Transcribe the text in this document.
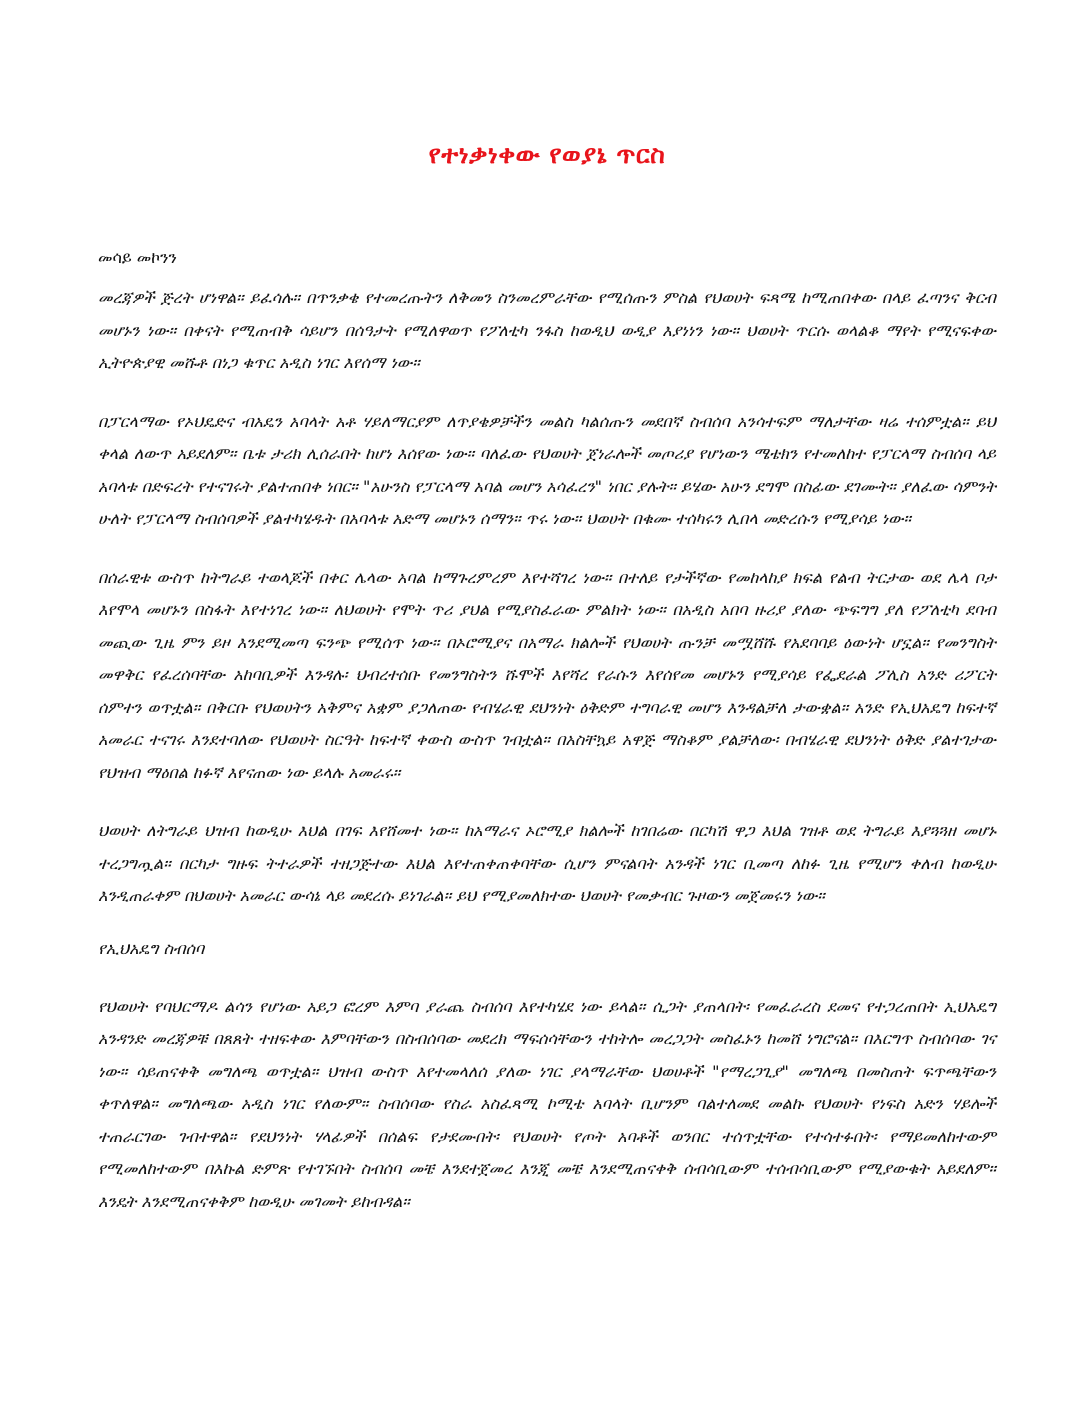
የተነቃነቀው የወያኔ ጥርስ

መሳይ መኮንን

መረጃዎች ጅረት ሆነዋል። ይፈሳሉ። በጥንቃቄ የተመረጡትን ለቅመን ስንመረምራቸው የሚሰጡን ምስል የህወሀት ፍጻሜ ከሚጠበቀው በላይ ፈጣንና ቅርብ መሆኑን ነው። በቀናት የሚጠብቅ ሳይሆን በሰዓታት የሚለዋወጥ የፖለቲካ ንፋስ ከወዲህ ወዲያ እያነነን ነው። ህወሀት ጥርሱ ወላልቆ ማየት የሚናፍቀው ኢትዮጵያዊ መሹቶ በነጋ ቁጥር አዲስ ነገር እየሰማ ነው።

በፓርላማው የኦህዴድና ብአዴን አባላት አቶ ሃይለማርያም ለጥያቄዎቻችን መልስ ካልሰጡን መደበኛ ስብሰባ አንሳተፍም ማለታቸው ዛሬ ተሰምቷል። ይህ ቀላል ለውጥ አይደለም። ቤቱ ታሪክ ሊሰራበት ከሆነ እሰየው ነው። ባለፈው የህወሀት ጀነራሎች መጦሪያ የሆነውን ሜቴክን የተመለከተ የፓርላማ ስብሰባ ላይ አባላቱ በድፍረት የተናገሩት ያልተጠበቀ ነበር። "አሁንስ የፓርላማ አባል መሆን አሳፈረን" ነበር ያሉት። ይሄው አሁን ደግሞ በስፊው ደገሙት። ያለፈው ሳምንት ሁለት የፓርላማ ስብሰባዎች ያልተካሄዱት በአባላቱ አድማ መሆኑን ሰማን። ጥሩ ነው። ህወሀት በቁሙ ተሰካሩን ሊበላ መድረሱን የሚያሳይ ነው።

በሰራዊቱ ውስጥ ከትግራይ ተወላጆች በቀር ሌላው አባል ከማጉረምረም እየተሻገረ ነው። በተለይ የታችኛው የመከላከያ ክፍል የልብ ትርታው ወደ ሌላ ቦታ እየሞላ መሆኑን በስፋት እየተነገረ ነው። ለህወሀት የሞት ጥሪ ያህል የሚያስፈራው ምልክት ነው። በአዲስ አበባ ዙሪያ ያለው ጭፍግግ ያለ የፖለቲካ ደባብ መጪው ጊዜ ምን ይዞ እንደሚመጣ ፍንጭ የሚሰጥ ነው። በኦሮሚያና በአማራ ክልሎች የህወሀት ጡንቻ መሟሸሹ የአደባባይ ዕውነት ሆኗል። የመንግስት መዋቅር የፈረሰባቸው አከባቢዎች እንዳሉ፡ ህብረተሰቡ የመንግስትን ሹሞች እየሻረ የራሱን እየሰየመ መሆኑን የሚያሳይ የፌደራል ፖሊስ አንድ ሪፖርት ሰምተን ወጥቷል። በቅርቡ የህወሀትን አቅምና አቋም ያጋለጠው የብሄራዊ ደህንነት ዕቅድም ተግባራዊ መሆን እንዳልቻለ ታውቋል። አንድ የኢህአዴግ ከፍተኛ አመራር ተናገሩ እንደተባለው የህወሀት ስርዓት ከፍተኛ ቀውስ ውስጥ ገብቷል። በአስቸኳይ አዋጅ ማስቆም ያልቻለው፡ በብሄራዊ ደህንነት ዕቅድ ያልተገታው የህዝብ ማዕበል ከፉኛ እየናጠው ነው ይላሉ አመራሩ።

ህወሀት ለትግራይ ህዝብ ከወዲሁ እህል በገፍ እየሸመተ ነው። ከአማራና ኦሮሚያ ክልሎች ከገበሬው በርካሽ ዋጋ እህል ገዝቶ ወደ ትግራይ እያጓጓዘ መሆኑ ተረጋግጧል። በርካታ ግዙፍ ትተራዎች ተዘጋጅተው እህል እየተጠቀጠቀባቸው ሲሆን ምናልባት አንዳች ነገር ቢመጣ ለከፉ ጊዜ የሚሆን ቀለብ ከወዲሁ እንዲጠራቀም በህወሀት አመራር ውሳኔ ላይ መደረሱ ይነገራል። ይህ የሚያመለክተው ህወሀት የመቃብር ጉዞውን መጀመሩን ነው።

የኢህአዴግ ስብሰባ

የህወሀት የባህርማዶ ልሳን የሆነው አይጋ ፎረም እምባ ያራጨ ስብሰባ እየተካሄደ ነው ይላል። ሲጋት ያጠላበት፡ የመፈራረስ ደመና የተጋረጠበት ኢህአዴግ አንዳንድ መረጃዎቹ በጸጸት ተዘፍቀው እምባቸውን በስብሰባው መደረክ ማፍሰሳቸውን ተከትሎ መረጋጋት መስፈኑን ከመሸ ነግሮናል። በእርግጥ ስብሰባው ገና ነው። ሳይጠናቀቅ መግለጫ ወጥቷል። ህዝብ ውስጥ እየተመላለሰ ያለው ነገር ያላማራቸው ህወሀቶች "የማረጋጊያ" መግለጫ በመስጠት ፍጥጫቸውን ቀጥለዋል። መግለጫው አዲስ ነገር የለውም። ስብሰባው የስራ አስፈጻሚ ኮሚቴ አባላት ቢሆንም ባልተለመደ መልኩ የህወሀት የነፍስ አድን ሃይሎች ተጠራርገው ገብተዋል። የደህንነት ሃላፊዎች በሰልፍ የታደሙበት፡ የህወሀት የጦት አባቶች ወንበር ተሰጥቷቸው የተሳተፉበት፡ የማይመለከተውም የሚመለከተውም በእኩል ድምጽ የተገኙበት ስብሰባ መቼ እንደተጀመረ እንጂ መቼ እንደሚጠናቀቅ ሰብሳቢውም ተሰብሳቢውም የሚያውቁት አይደለም። እንዴት እንደሚጠናቀቅም ከወዲሁ መገመት ይከብዳል።
